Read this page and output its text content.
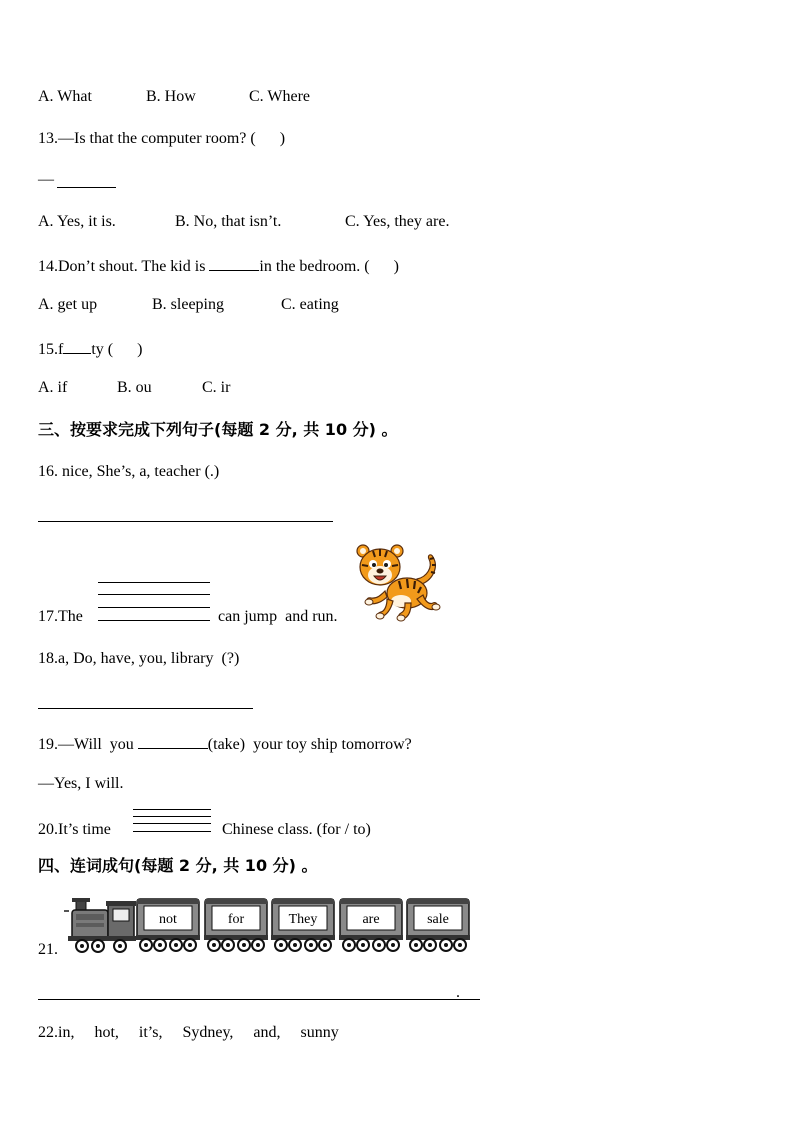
A. What	B. How	C. Where
13.—Is that the computer room? (      )
—
A. Yes, it is.	B. No, that isn’t.	C. Yes, they are.
14.Don’t shout. The kid is	in the bedroom. (      )
A. get up	B. sleeping	C. eating
15.f ty (      )
A. if	B. ou	C. ir
三、按要求完成下列句子(每题 2 分, 共 10 分) 。
16. nice, She’s, a, teacher (.)
17.The	can jump  and run.
18.a, Do, have, you, library  (?)
19.—Will  you	(take)  your toy ship tomorrow?
—Yes, I will.
20.It’s time	Chinese class. (for / to)
四、连词成句(每题 2 分, 共 10 分) 。
21.
not	for	They	are	sale
.
22.in,     hot,     it’s,     Sydney,     and,     sunny
